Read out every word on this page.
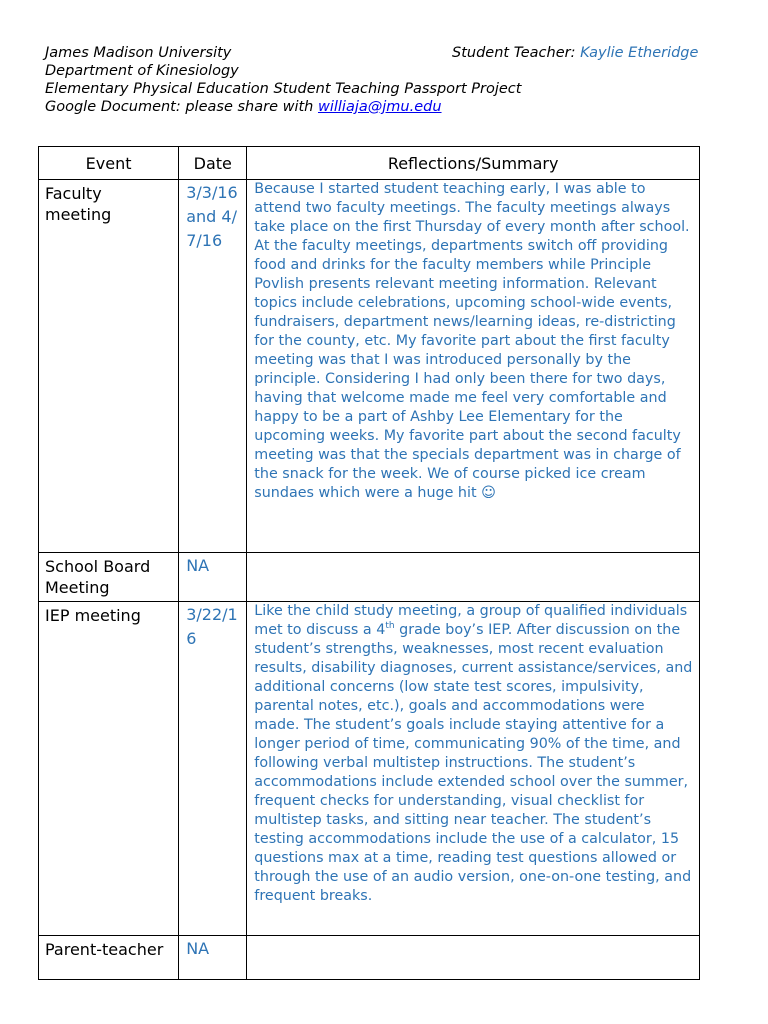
James Madison University
Department of Kinesiology
Elementary Physical Education Student Teaching Passport Project
Google Document: please share with williaja@jmu.edu
Student Teacher: Kaylie Etheridge
Event	Date	Reflections/Summary
Faculty meeting	3/3/16 and 4/7/16	Because I started student teaching early, I was able to attend two faculty meetings. The faculty meetings always take place on the first Thursday of every month after school. At the faculty meetings, departments switch off providing food and drinks for the faculty members while Principle Povlish presents relevant meeting information. Relevant topics include celebrations, upcoming school-wide events, fundraisers, department news/learning ideas, re-districting for the county, etc. My favorite part about the first faculty meeting was that I was introduced personally by the principle. Considering I had only been there for two days, having that welcome made me feel very comfortable and happy to be a part of Ashby Lee Elementary for the upcoming weeks. My favorite part about the second faculty meeting was that the specials department was in charge of the snack for the week. We of course picked ice cream sundaes which were a huge hit ☺
School Board Meeting	NA	
IEP meeting	3/22/16	Like the child study meeting, a group of qualified individuals met to discuss a 4th grade boy’s IEP. After discussion on the student’s strengths, weaknesses, most recent evaluation results, disability diagnoses, current assistance/services, and additional concerns (low state test scores, impulsivity, parental notes, etc.), goals and accommodations were made. The student’s goals include staying attentive for a longer period of time, communicating 90% of the time, and following verbal multistep instructions. The student’s accommodations include extended school over the summer, frequent checks for understanding, visual checklist for multistep tasks, and sitting near teacher. The student’s testing accommodations include the use of a calculator, 15 questions max at a time, reading test questions allowed or through the use of an audio version, one-on-one testing, and frequent breaks.
Parent-teacher	NA	
